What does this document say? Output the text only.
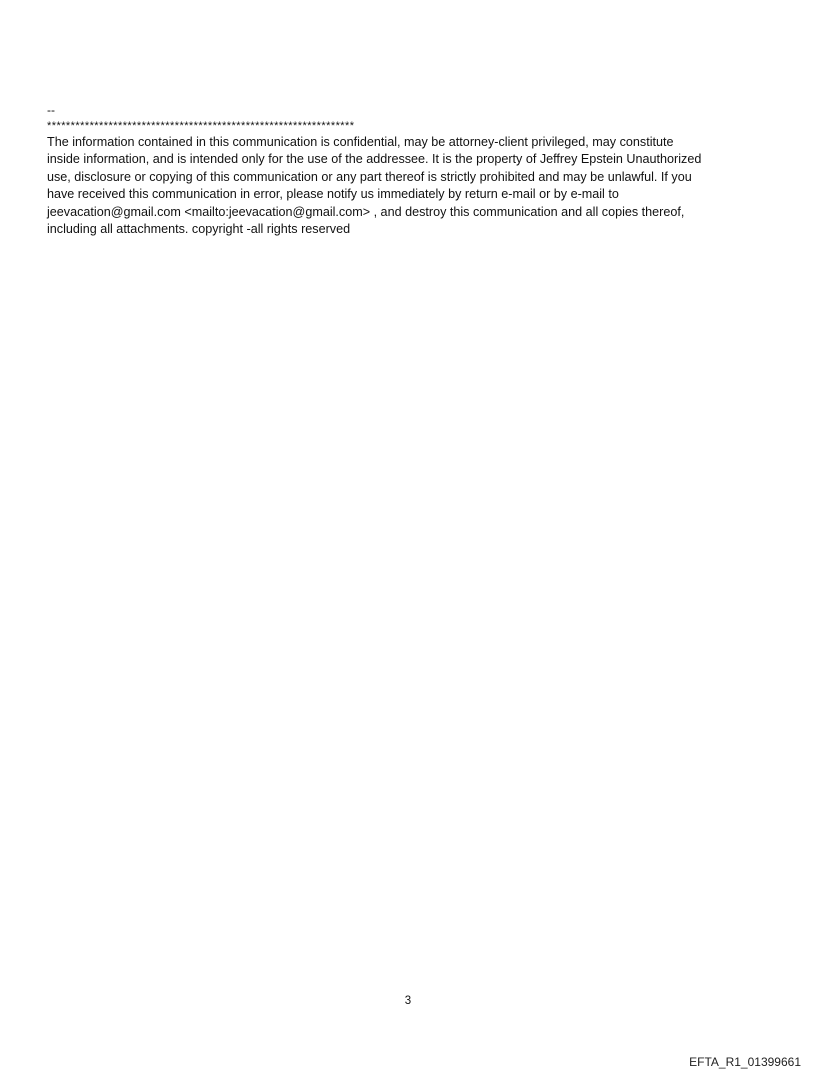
--
*****************************************************************

The information contained in this communication is confidential, may be attorney-client privileged, may constitute

inside information, and is intended only for the use of the addressee. It is the property of Jeffrey Epstein Unauthorized

use, disclosure or copying of this communication or any part thereof is strictly prohibited and may be unlawful. If you

have received this communication in error, please notify us immediately by return e-mail or by e-mail to

jeevacation@gmail.com <mailto:jeevacation@gmail.com> , and destroy this communication and all copies thereof,

including all attachments. copyright -all rights reserved

3
EFTA_R1_01399661
